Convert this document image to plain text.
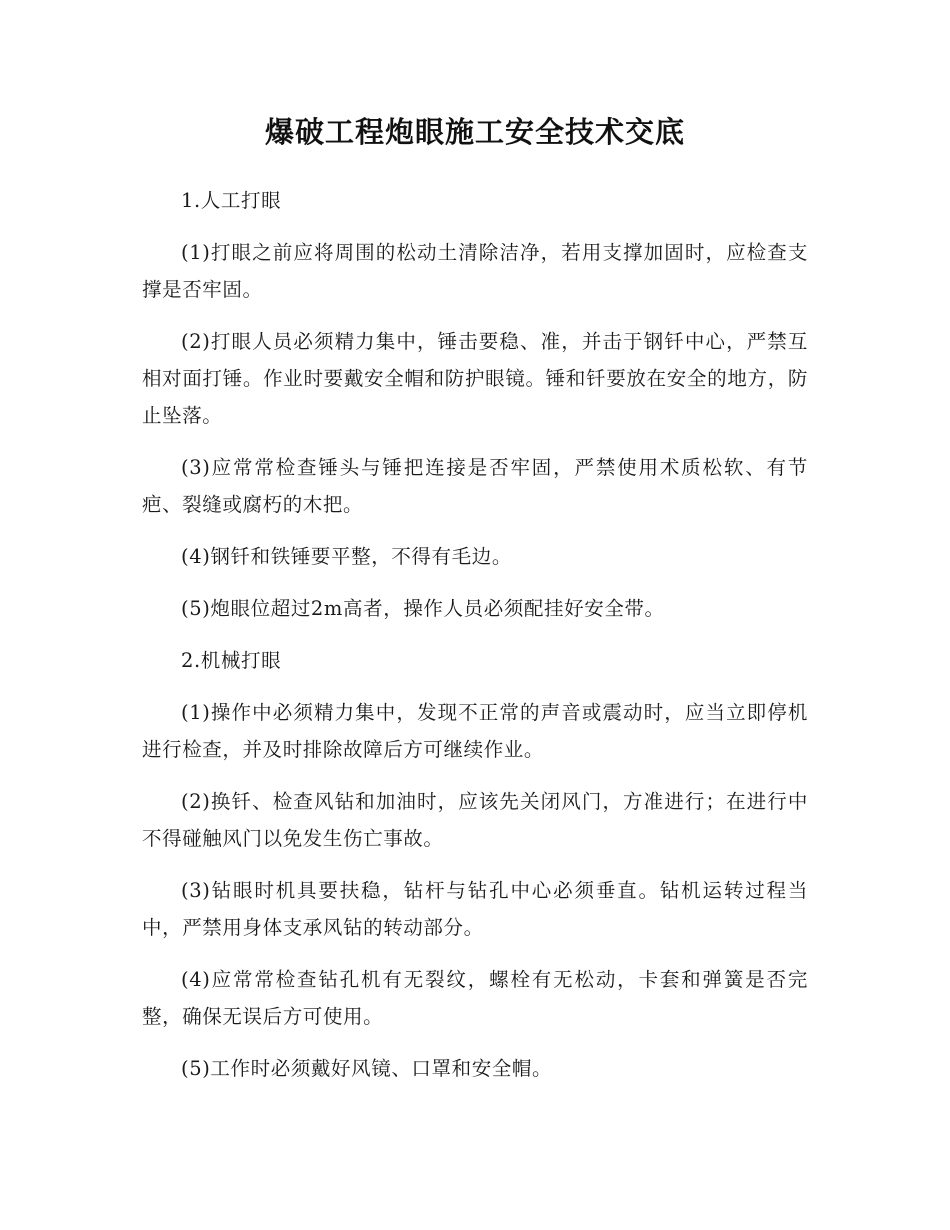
爆破工程炮眼施工安全技术交底

1.人工打眼

(1)打眼之前应将周围的松动土清除洁净，若用支撑加固时，应检查支撑是否牢固。

(2)打眼人员必须精力集中，锤击要稳、准，并击于钢钎中心，严禁互相对面打锤。作业时要戴安全帽和防护眼镜。锤和钎要放在安全的地方，防止坠落。

(3)应常常检查锤头与锤把连接是否牢固，严禁使用术质松软、有节疤、裂缝或腐朽的木把。

(4)钢钎和铁锤要平整，不得有毛边。

(5)炮眼位超过2m高者，操作人员必须配挂好安全带。

2.机械打眼

(1)操作中必须精力集中，发现不正常的声音或震动时，应当立即停机进行检查，并及时排除故障后方可继续作业。

(2)换钎、检查风钻和加油时，应该先关闭风门，方准进行；在进行中不得碰触风门以免发生伤亡事故。

(3)钻眼时机具要扶稳，钻杆与钻孔中心必须垂直。钻机运转过程当中，严禁用身体支承风钻的转动部分。

(4)应常常检查钻孔机有无裂纹，螺栓有无松动，卡套和弹簧是否完整，确保无误后方可使用。

(5)工作时必须戴好风镜、口罩和安全帽。
